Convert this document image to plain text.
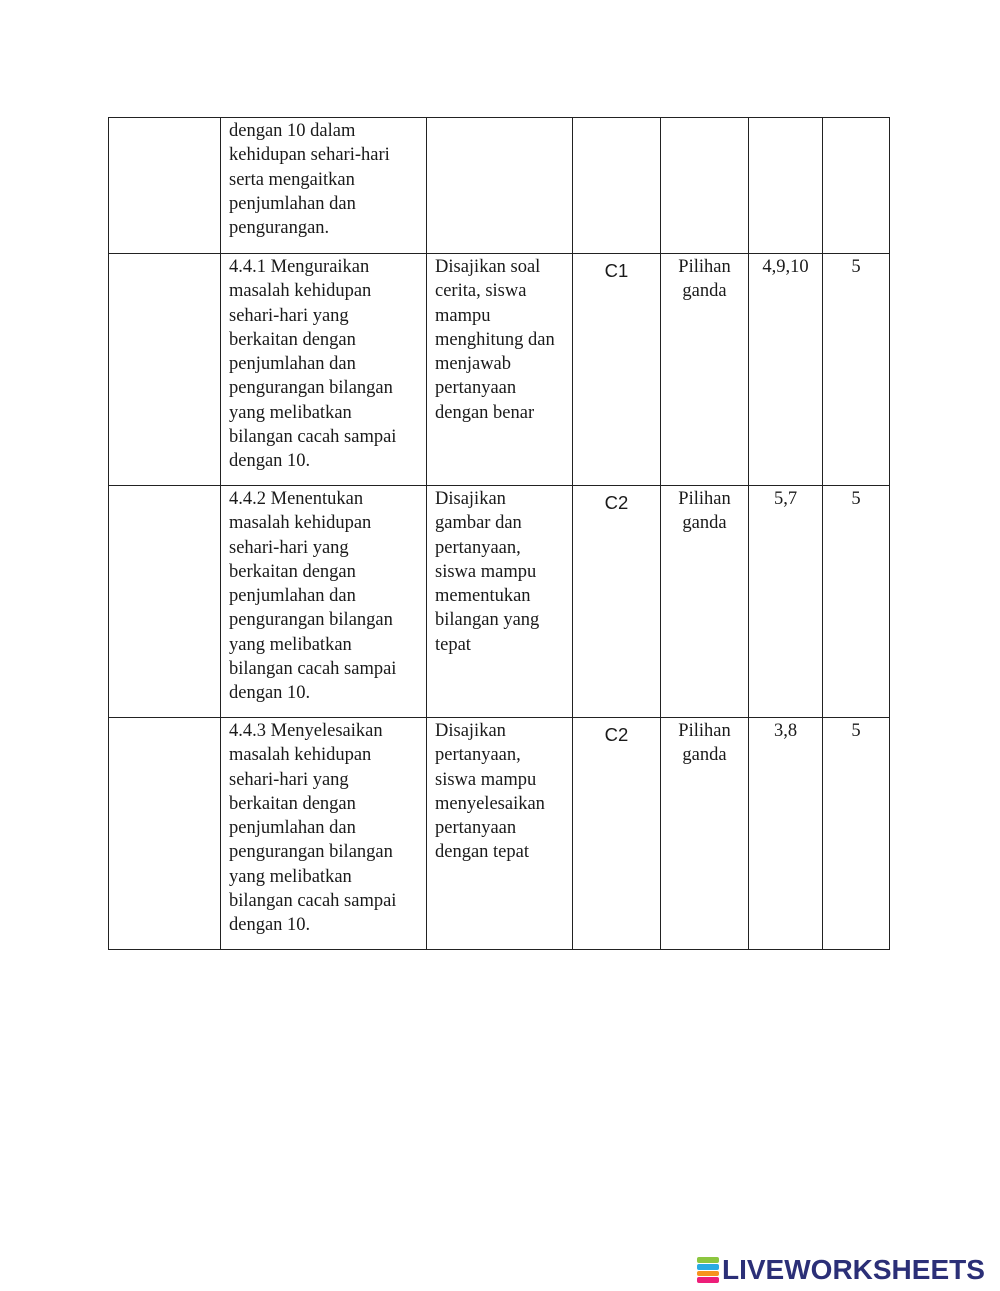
	dengan 10 dalam kehidupan sehari-hari serta mengaitkan penjumlahan dan pengurangan.					
	4.4.1 Menguraikan masalah kehidupan sehari-hari yang berkaitan dengan penjumlahan dan pengurangan bilangan yang melibatkan bilangan cacah sampai dengan 10.	Disajikan soal cerita, siswa mampu menghitung dan menjawab pertanyaan dengan benar	C1	Pilihan ganda	4,9,10	5
	4.4.2 Menentukan masalah kehidupan sehari-hari yang berkaitan dengan penjumlahan dan pengurangan bilangan yang melibatkan bilangan cacah sampai dengan 10.	Disajikan gambar dan pertanyaan, siswa mampu mementukan bilangan yang tepat	C2	Pilihan ganda	5,7	5
	4.4.3 Menyelesaikan masalah kehidupan sehari-hari yang berkaitan dengan penjumlahan dan pengurangan bilangan yang melibatkan bilangan cacah sampai dengan 10.	Disajikan pertanyaan, siswa mampu menyelesaikan pertanyaan dengan tepat	C2	Pilihan ganda	3,8	5
LIVEWORKSHEETS
